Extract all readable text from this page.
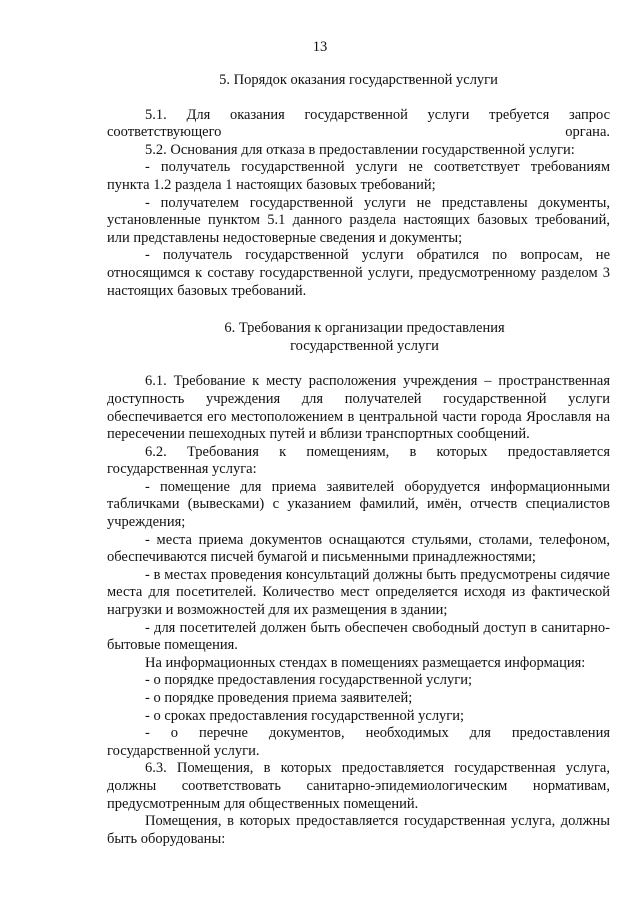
13

5. Порядок оказания государственной услуги

5.1. Для оказания государственной услуги требуется запрос соответствующего органа.

5.2. Основания для отказа в предоставлении государственной услуги:

- получатель государственной услуги не соответствует требованиям пункта 1.2 раздела 1 настоящих базовых требований;

- получателем государственной услуги не представлены документы, установленные пунктом 5.1 данного раздела настоящих базовых требований, или представлены недостоверные сведения и документы;

- получатель государственной услуги обратился по вопросам, не относящимся к составу государственной услуги, предусмотренному разделом 3 настоящих базовых требований.

6. Требования к организации предоставления

государственной услуги

6.1. Требование к месту расположения учреждения – пространственная доступность учреждения для получателей государственной услуги обеспечивается его местоположением в центральной части города Ярославля на пересечении пешеходных путей и вблизи транспортных сообщений.

6.2. Требования к помещениям, в которых предоставляется государственная услуга:

- помещение для приема заявителей оборудуется информационными табличками (вывесками) с указанием фамилий, имён, отчеств специалистов учреждения;

- места приема документов оснащаются стульями, столами, телефоном, обеспечиваются писчей бумагой и письменными принадлежностями;

- в местах проведения консультаций должны быть предусмотрены сидячие места для посетителей. Количество мест определяется исходя из фактической нагрузки и возможностей для их размещения в здании;

- для посетителей должен быть обеспечен свободный доступ в санитарно-бытовые помещения.

На информационных стендах в помещениях размещается информация:

- о порядке предоставления государственной услуги;

- о порядке проведения приема заявителей;

- о сроках предоставления государственной услуги;

- о перечне документов, необходимых для предоставления государственной услуги.

6.3. Помещения, в которых предоставляется государственная услуга, должны соответствовать санитарно-эпидемиологическим нормативам, предусмотренным для общественных помещений.

Помещения, в которых предоставляется государственная услуга, должны быть оборудованы:
